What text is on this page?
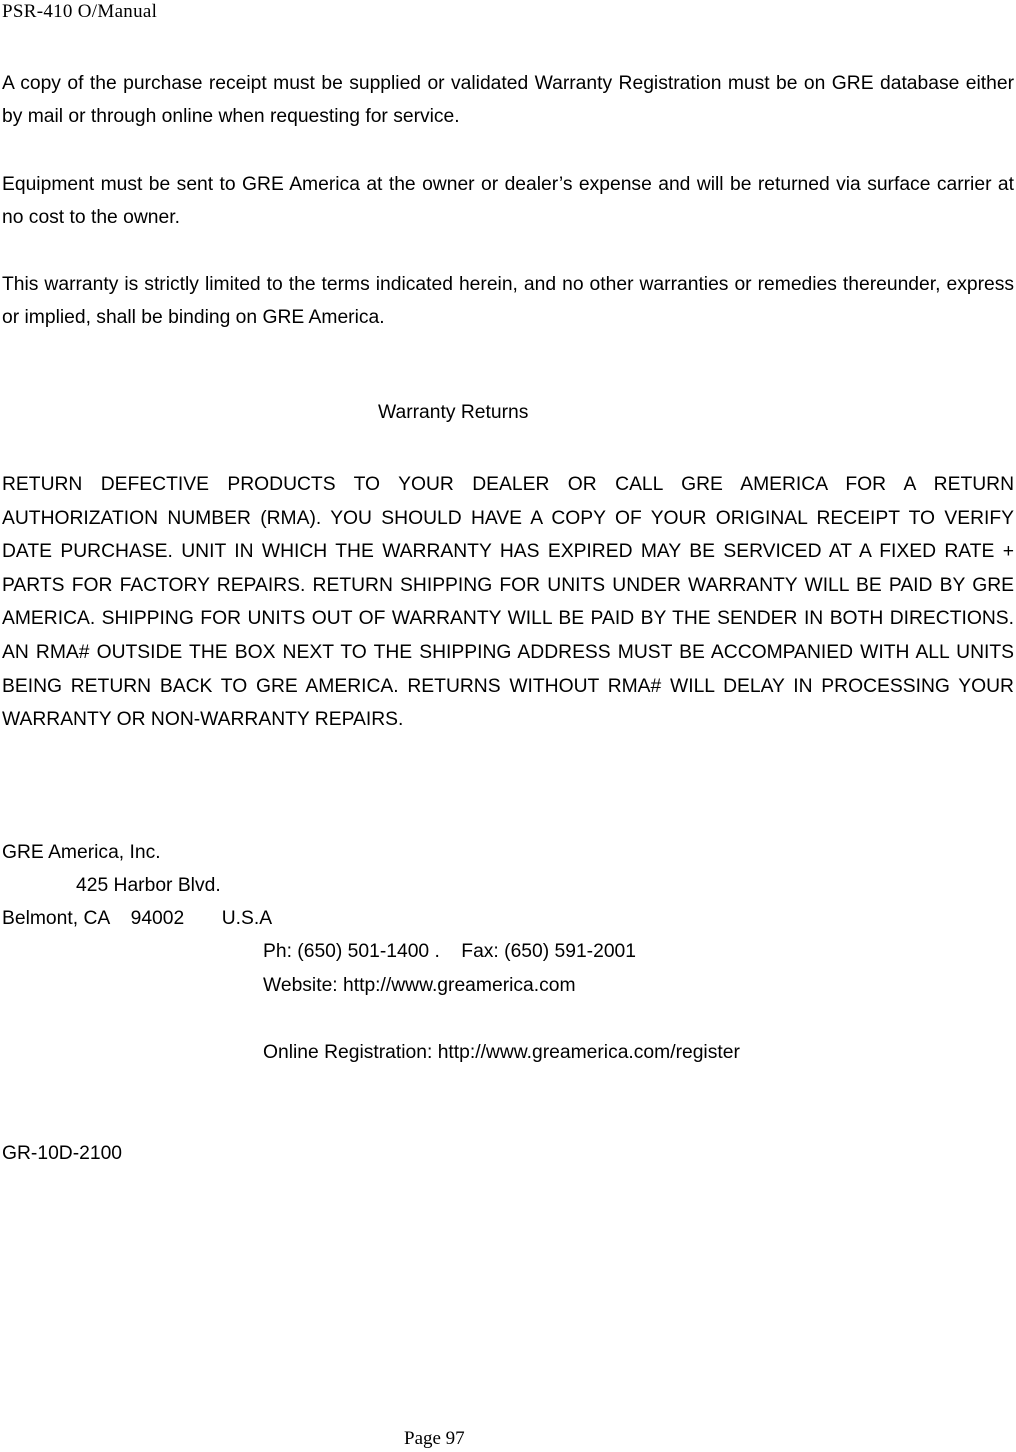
PSR-410 O/Manual

A copy of the purchase receipt must be supplied or validated Warranty Registration must be on GRE database either by mail or through online when requesting for service.

Equipment must be sent to GRE America at the owner or dealer’s expense and will be returned via surface carrier at no cost to the owner.

This warranty is strictly limited to the terms indicated herein, and no other warranties or remedies thereunder, express or implied, shall be binding on GRE America.

Warranty Returns

RETURN DEFECTIVE PRODUCTS TO YOUR DEALER OR CALL GRE AMERICA FOR A RETURN AUTHORIZATION NUMBER (RMA). YOU SHOULD HAVE A COPY OF YOUR ORIGINAL RECEIPT TO VERIFY DATE PURCHASE. UNIT IN WHICH THE WARRANTY HAS EXPIRED MAY BE SERVICED AT A FIXED RATE + PARTS FOR FACTORY REPAIRS. RETURN SHIPPING FOR UNITS UNDER WARRANTY WILL BE PAID BY GRE AMERICA. SHIPPING FOR UNITS OUT OF WARRANTY WILL BE PAID BY THE SENDER IN BOTH DIRECTIONS. AN RMA# OUTSIDE THE BOX NEXT TO THE SHIPPING ADDRESS MUST BE ACCOMPANIED WITH ALL UNITS BEING RETURN BACK TO GRE AMERICA. RETURNS WITHOUT RMA# WILL DELAY IN PROCESSING YOUR WARRANTY OR NON-WARRANTY REPAIRS.

GRE America, Inc.
425 Harbor Blvd.
Belmont, CA    94002       U.S.A
Ph: (650) 501-1400 .    Fax: (650) 591-2001
Website: http://www.greamerica.com
Online Registration: http://www.greamerica.com/register
GR-10D-2100
Page 97
